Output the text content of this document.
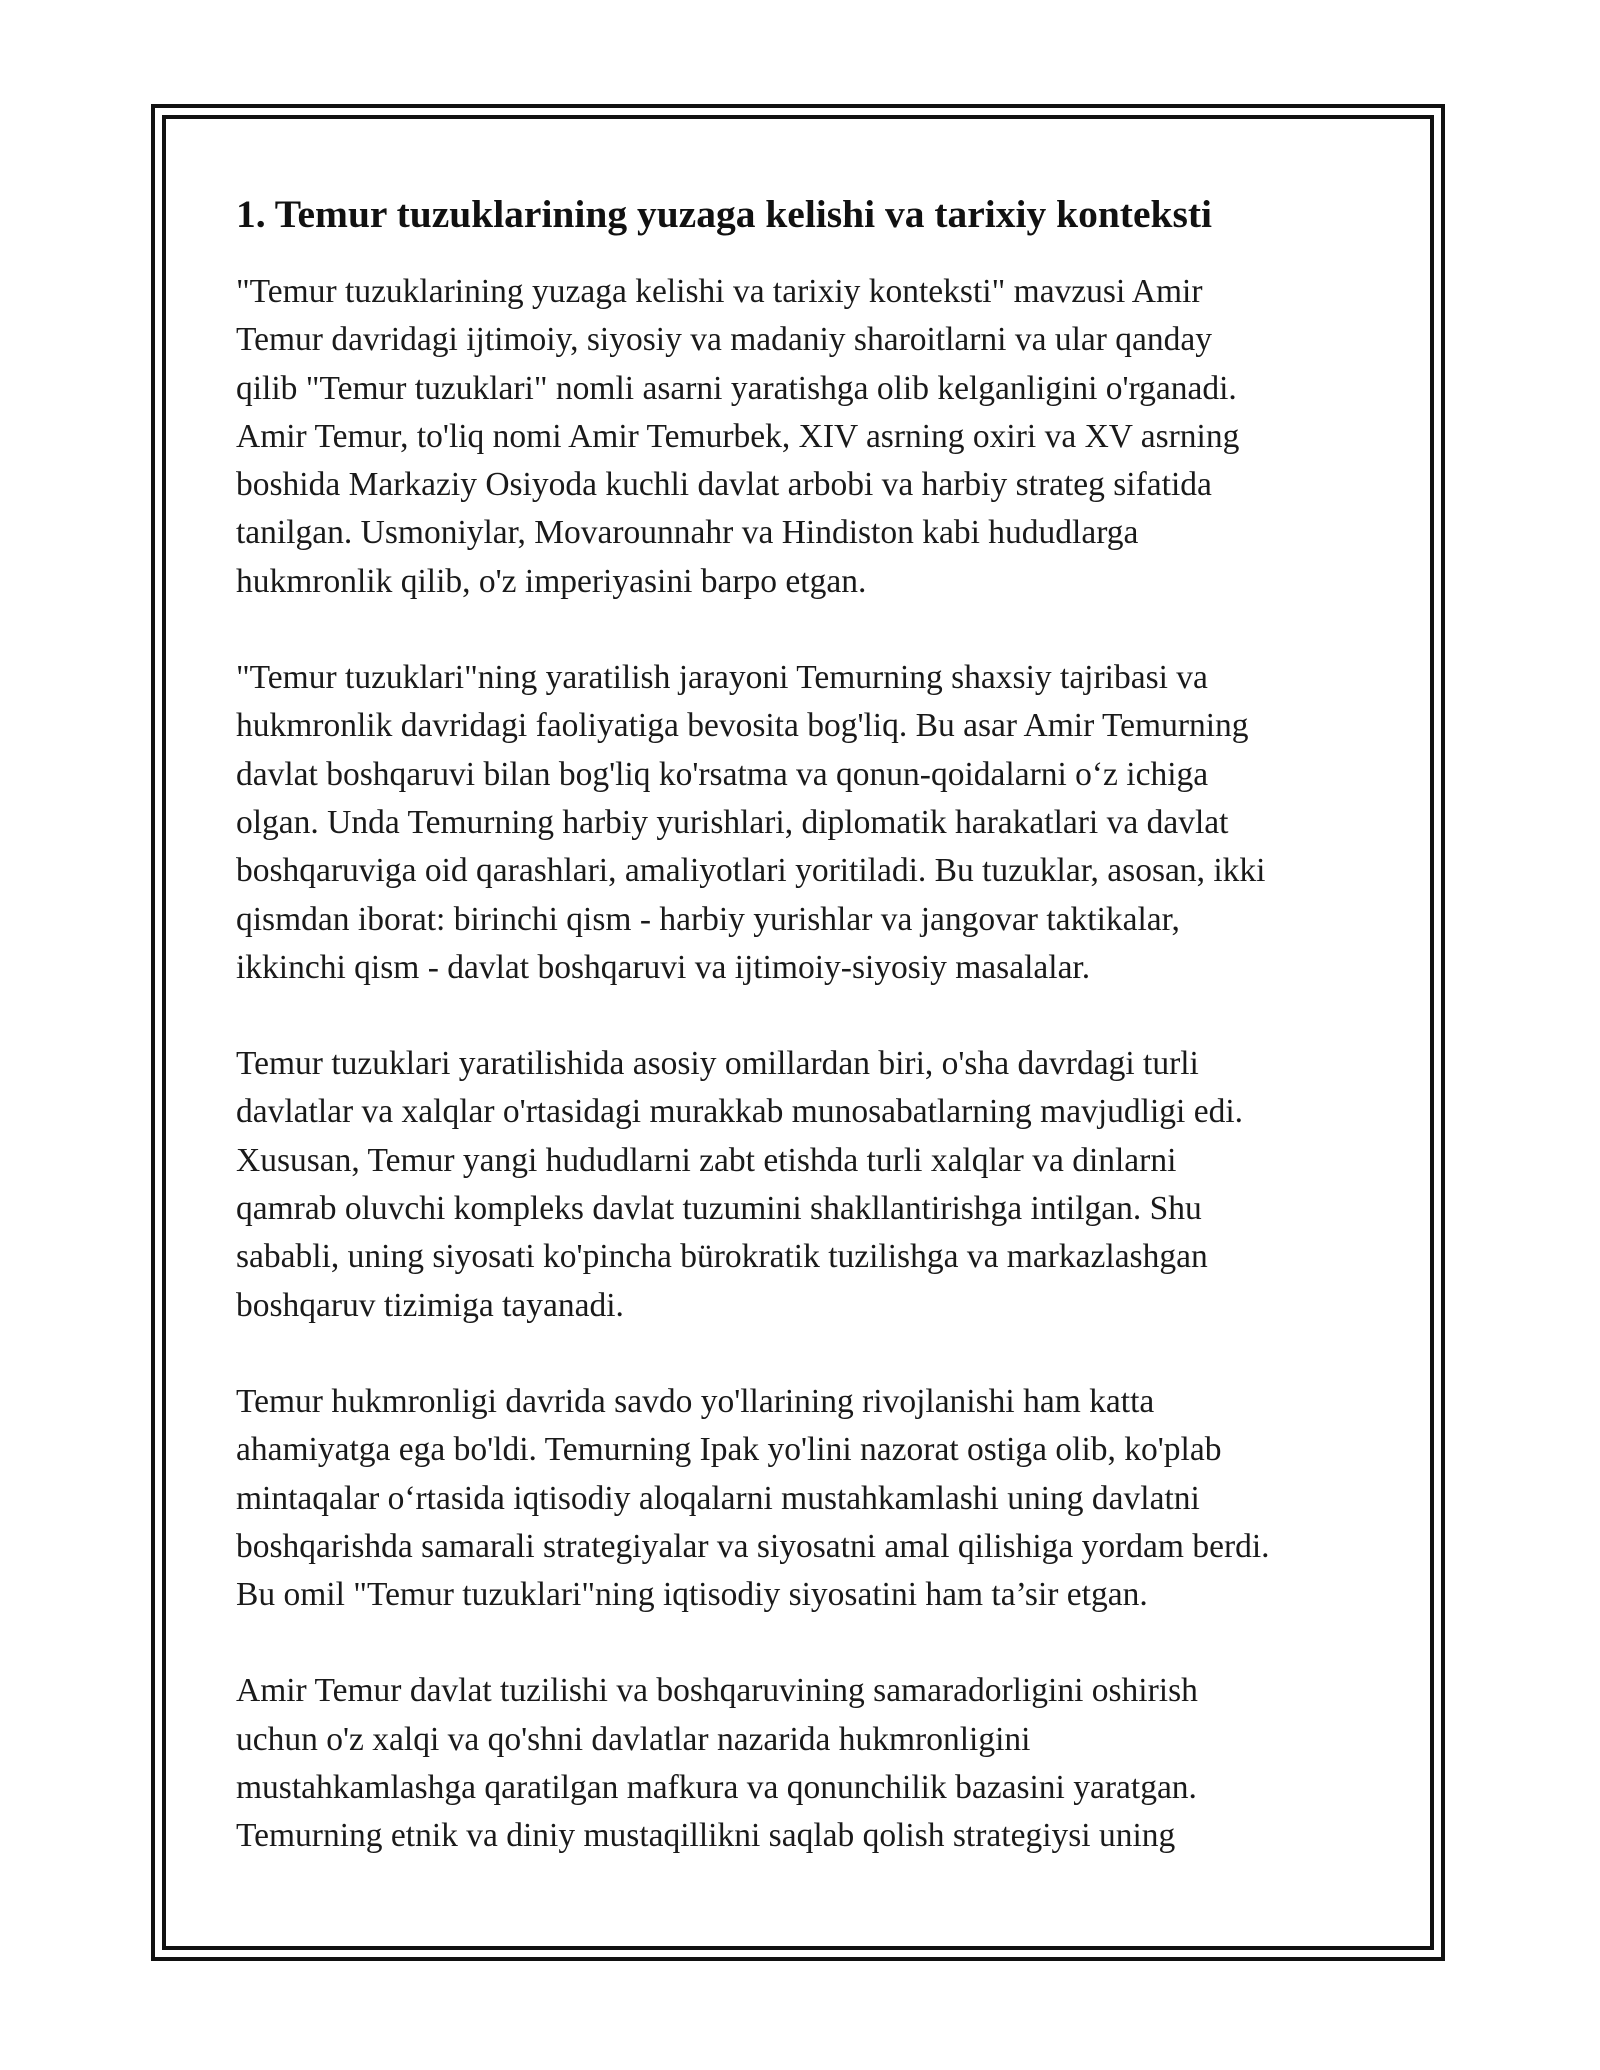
1. Temur tuzuklarining yuzaga kelishi va tarixiy konteksti

"Temur tuzuklarining yuzaga kelishi va tarixiy konteksti" mavzusi Amir
Temur davridagi ijtimoiy, siyosiy va madaniy sharoitlarni va ular qanday
qilib "Temur tuzuklari" nomli asarni yaratishga olib kelganligini o'rganadi.
Amir Temur, to'liq nomi Amir Temurbek, XIV asrning oxiri va XV asrning
boshida Markaziy Osiyoda kuchli davlat arbobi va harbiy strateg sifatida
tanilgan. Usmoniylar, Movarounnahr va Hindiston kabi hududlarga
hukmronlik qilib, o'z imperiyasini barpo etgan.

"Temur tuzuklari"ning yaratilish jarayoni Temurning shaxsiy tajribasi va
hukmronlik davridagi faoliyatiga bevosita bog'liq. Bu asar Amir Temurning
davlat boshqaruvi bilan bog'liq ko'rsatma va qonun-qoidalarni o‘z ichiga
olgan. Unda Temurning harbiy yurishlari, diplomatik harakatlari va davlat
boshqaruviga oid qarashlari, amaliyotlari yoritiladi. Bu tuzuklar, asosan, ikki
qismdan iborat: birinchi qism - harbiy yurishlar va jangovar taktikalar,
ikkinchi qism - davlat boshqaruvi va ijtimoiy-siyosiy masalalar.

Temur tuzuklari yaratilishida asosiy omillardan biri, o'sha davrdagi turli
davlatlar va xalqlar o'rtasidagi murakkab munosabatlarning mavjudligi edi.
Xususan, Temur yangi hududlarni zabt etishda turli xalqlar va dinlarni
qamrab oluvchi kompleks davlat tuzumini shakllantirishga intilgan. Shu
sababli, uning siyosati ko'pincha bürokratik tuzilishga va markazlashgan
boshqaruv tizimiga tayanadi.

Temur hukmronligi davrida savdo yo'llarining rivojlanishi ham katta
ahamiyatga ega bo'ldi. Temurning Ipak yo'lini nazorat ostiga olib, ko'plab
mintaqalar o‘rtasida iqtisodiy aloqalarni mustahkamlashi uning davlatni
boshqarishda samarali strategiyalar va siyosatni amal qilishiga yordam berdi.
Bu omil "Temur tuzuklari"ning iqtisodiy siyosatini ham ta’sir etgan.

Amir Temur davlat tuzilishi va boshqaruvining samaradorligini oshirish
uchun o'z xalqi va qo'shni davlatlar nazarida hukmronligini
mustahkamlashga qaratilgan mafkura va qonunchilik bazasini yaratgan.
Temurning etnik va diniy mustaqillikni saqlab qolish strategiysi uning
